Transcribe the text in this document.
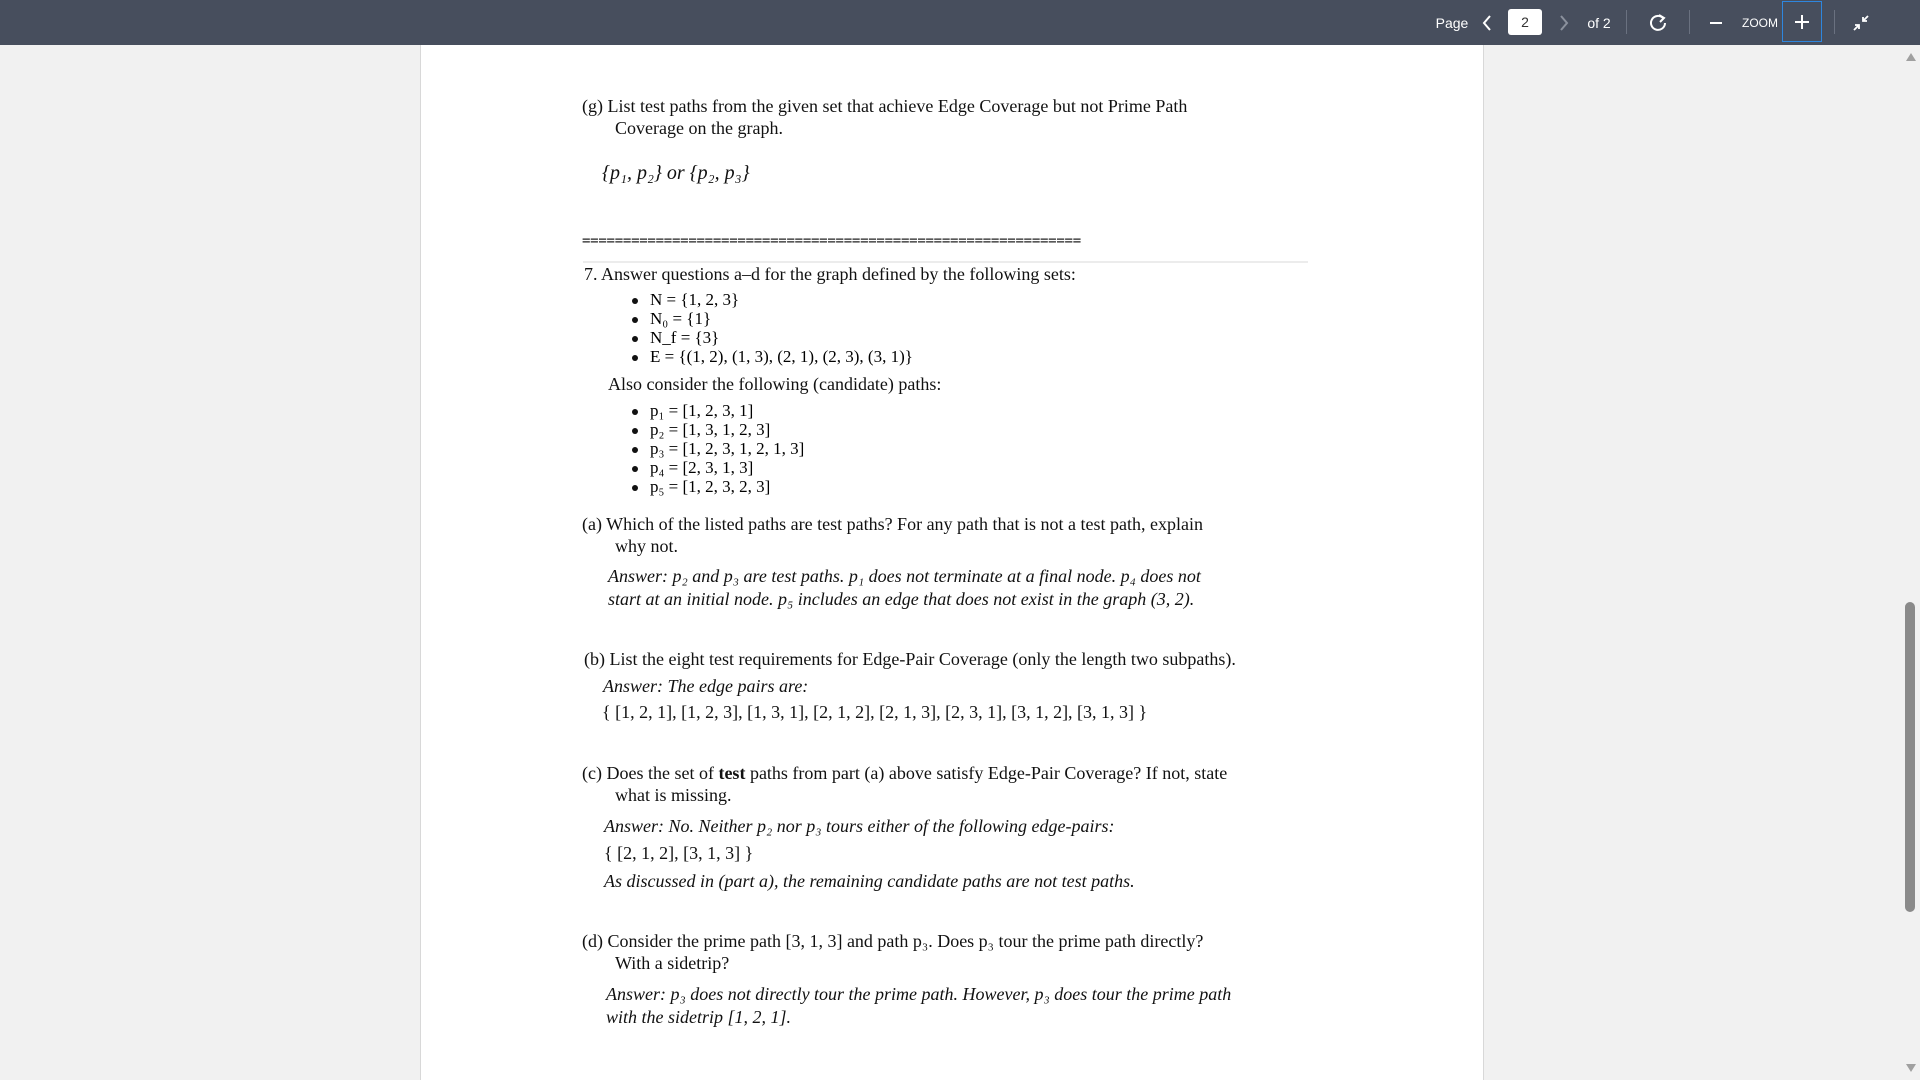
Page
2	of 2	ZOOM
(g) List test paths from the given set that achieve Edge Coverage but not Prime Path
Coverage on the graph.
{p₁, p₂} or {p₂, p₃}
=============================================================
7. Answer questions a–d for the graph defined by the following sets:
N = {1, 2, 3}
N₀ = {1}
N_f = {3}
E = {(1, 2), (1, 3), (2, 1), (2, 3), (3, 1)}
Also consider the following (candidate) paths:
p₁ = [1, 2, 3, 1]
p₂ = [1, 3, 1, 2, 3]
p₃ = [1, 2, 3, 1, 2, 1, 3]
p₄ = [2, 3, 1, 3]
p₅ = [1, 2, 3, 2, 3]
(a) Which of the listed paths are test paths? For any path that is not a test path, explain
why not.
Answer: p₂ and p₃ are test paths. p₁ does not terminate at a final node. p₄ does not
start at an initial node. p₅ includes an edge that does not exist in the graph (3, 2).
(b) List the eight test requirements for Edge-Pair Coverage (only the length two subpaths).
Answer: The edge pairs are:
{ [1, 2, 1], [1, 2, 3], [1, 3, 1], [2, 1, 2], [2, 1, 3], [2, 3, 1], [3, 1, 2], [3, 1, 3] }
(c) Does the set of test paths from part (a) above satisfy Edge-Pair Coverage? If not, state
what is missing.
Answer: No. Neither p₂ nor p₃ tours either of the following edge-pairs:
{ [2, 1, 2], [3, 1, 3] }
As discussed in (part a), the remaining candidate paths are not test paths.
(d) Consider the prime path [3, 1, 3] and path p₃. Does p₃ tour the prime path directly?
With a sidetrip?
Answer: p₃ does not directly tour the prime path. However, p₃ does tour the prime path
with the sidetrip [1, 2, 1].
